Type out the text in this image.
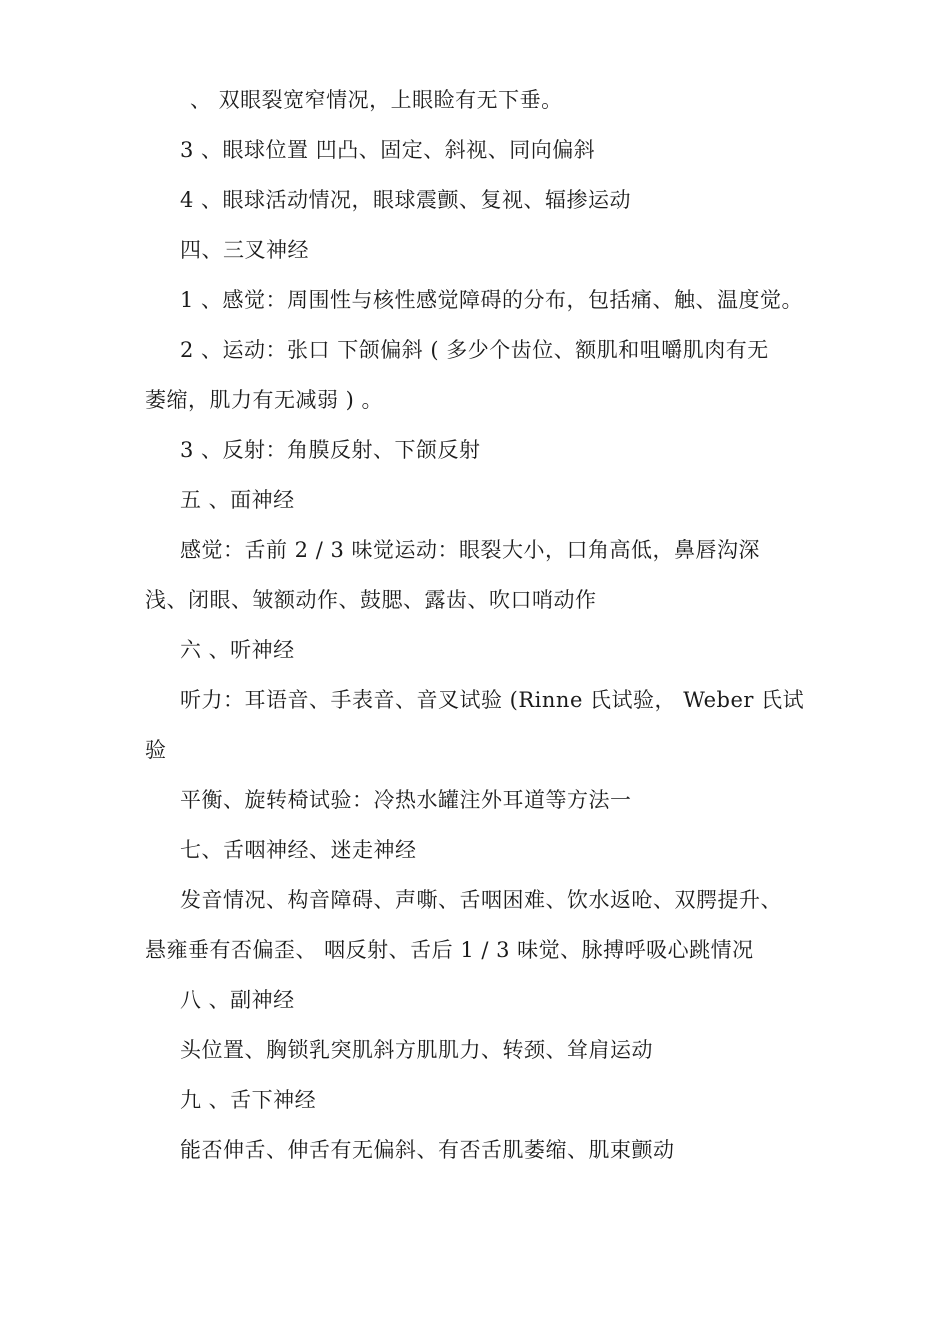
、 双眼裂宽窄情况，上眼睑有无下垂。
3 、眼球位置 凹凸、固定、斜视、同向偏斜
4 、眼球活动情况，眼球震颤、复视、辐掺运动
四、三叉神经
1 、感觉：周围性与核性感觉障碍的分布，包括痛、触、温度觉。
2 、运动：张口 下颌偏斜 ( 多少个齿位、额肌和咀嚼肌肉有无
萎缩，肌力有无减弱 ) 。
3 、反射：角膜反射、下颌反射
五 、面神经
感觉：舌前 2 / 3 味觉运动：眼裂大小，口角高低，鼻唇沟深
浅、闭眼、皱额动作、鼓腮、露齿、吹口哨动作
六 、听神经
听力：耳语音、手表音、音叉试验 (Rinne 氏试验， Weber 氏试
验
平衡、旋转椅试验：冷热水罐注外耳道等方法一
七、舌咽神经、迷走神经
发音情况、构音障碍、声嘶、舌咽困难、饮水返呛、双腭提升、
悬雍垂有否偏歪、 咽反射、舌后 1 / 3 味觉、脉搏呼吸心跳情况
八 、副神经
头位置、胸锁乳突肌斜方肌肌力、转颈、耸肩运动
九 、舌下神经
能否伸舌、伸舌有无偏斜、有否舌肌萎缩、肌束颤动
